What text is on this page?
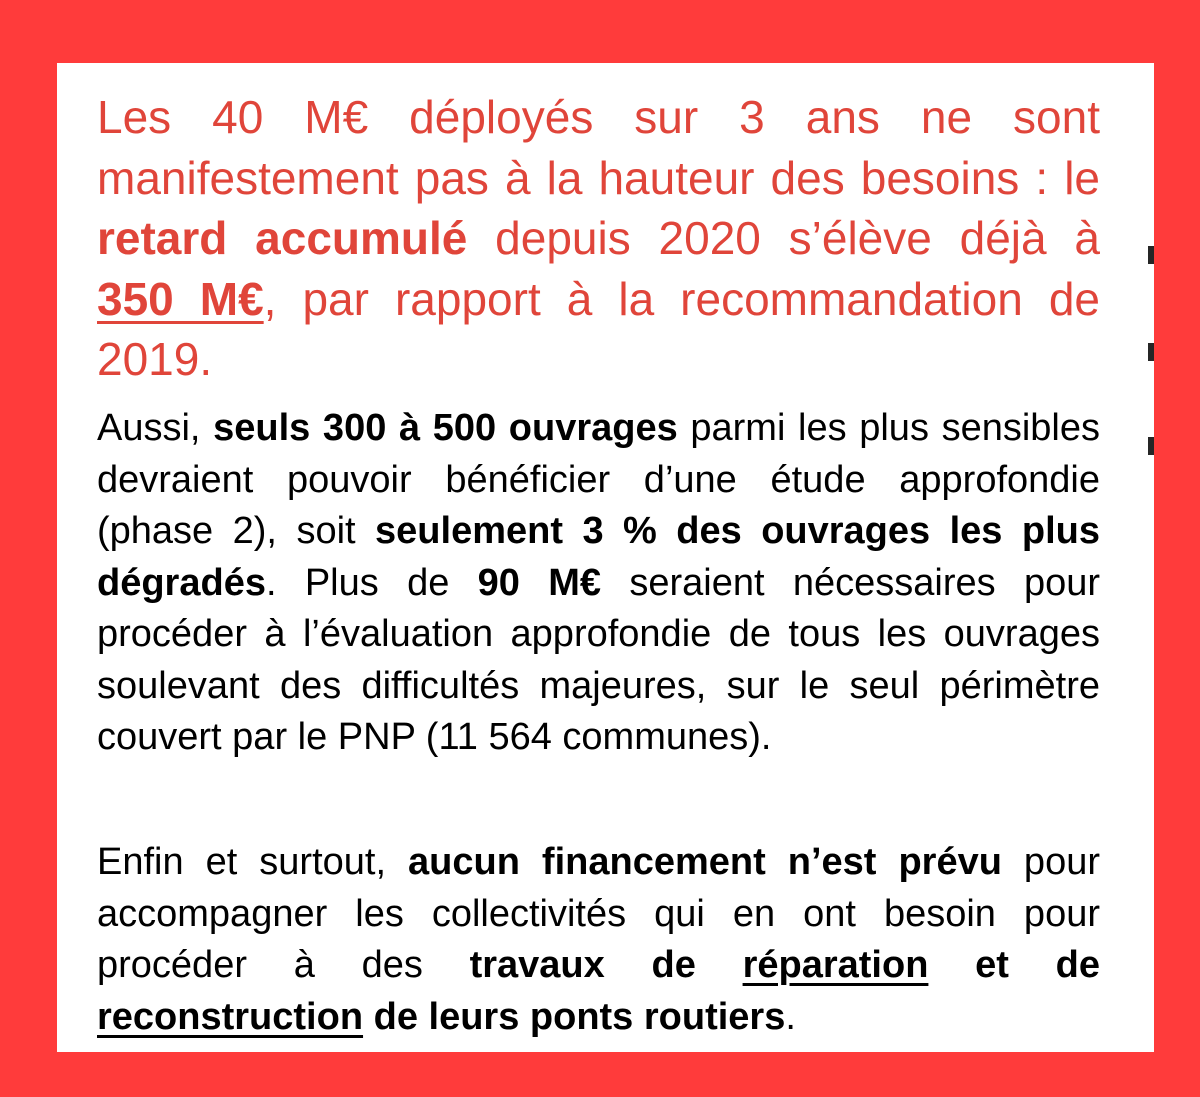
Les 40 M€ déployés sur 3 ans ne sont manifestement pas à la hauteur des besoins : le retard accumulé depuis 2020 s’élève déjà à 350 M€, par rapport à la recommandation de 2019.

Aussi, seuls 300 à 500 ouvrages parmi les plus sensibles devraient pouvoir bénéficier d’une étude approfondie (phase 2), soit seulement 3 % des ouvrages les plus dégradés. Plus de 90 M€ seraient nécessaires pour procéder à l’évaluation approfondie de tous les ouvrages soulevant des difficultés majeures, sur le seul périmètre couvert par le PNP (11 564 communes).

Enfin et surtout, aucun financement n’est prévu pour accompagner les collectivités qui en ont besoin pour procéder à des travaux de réparation et de reconstruction de leurs ponts routiers.
